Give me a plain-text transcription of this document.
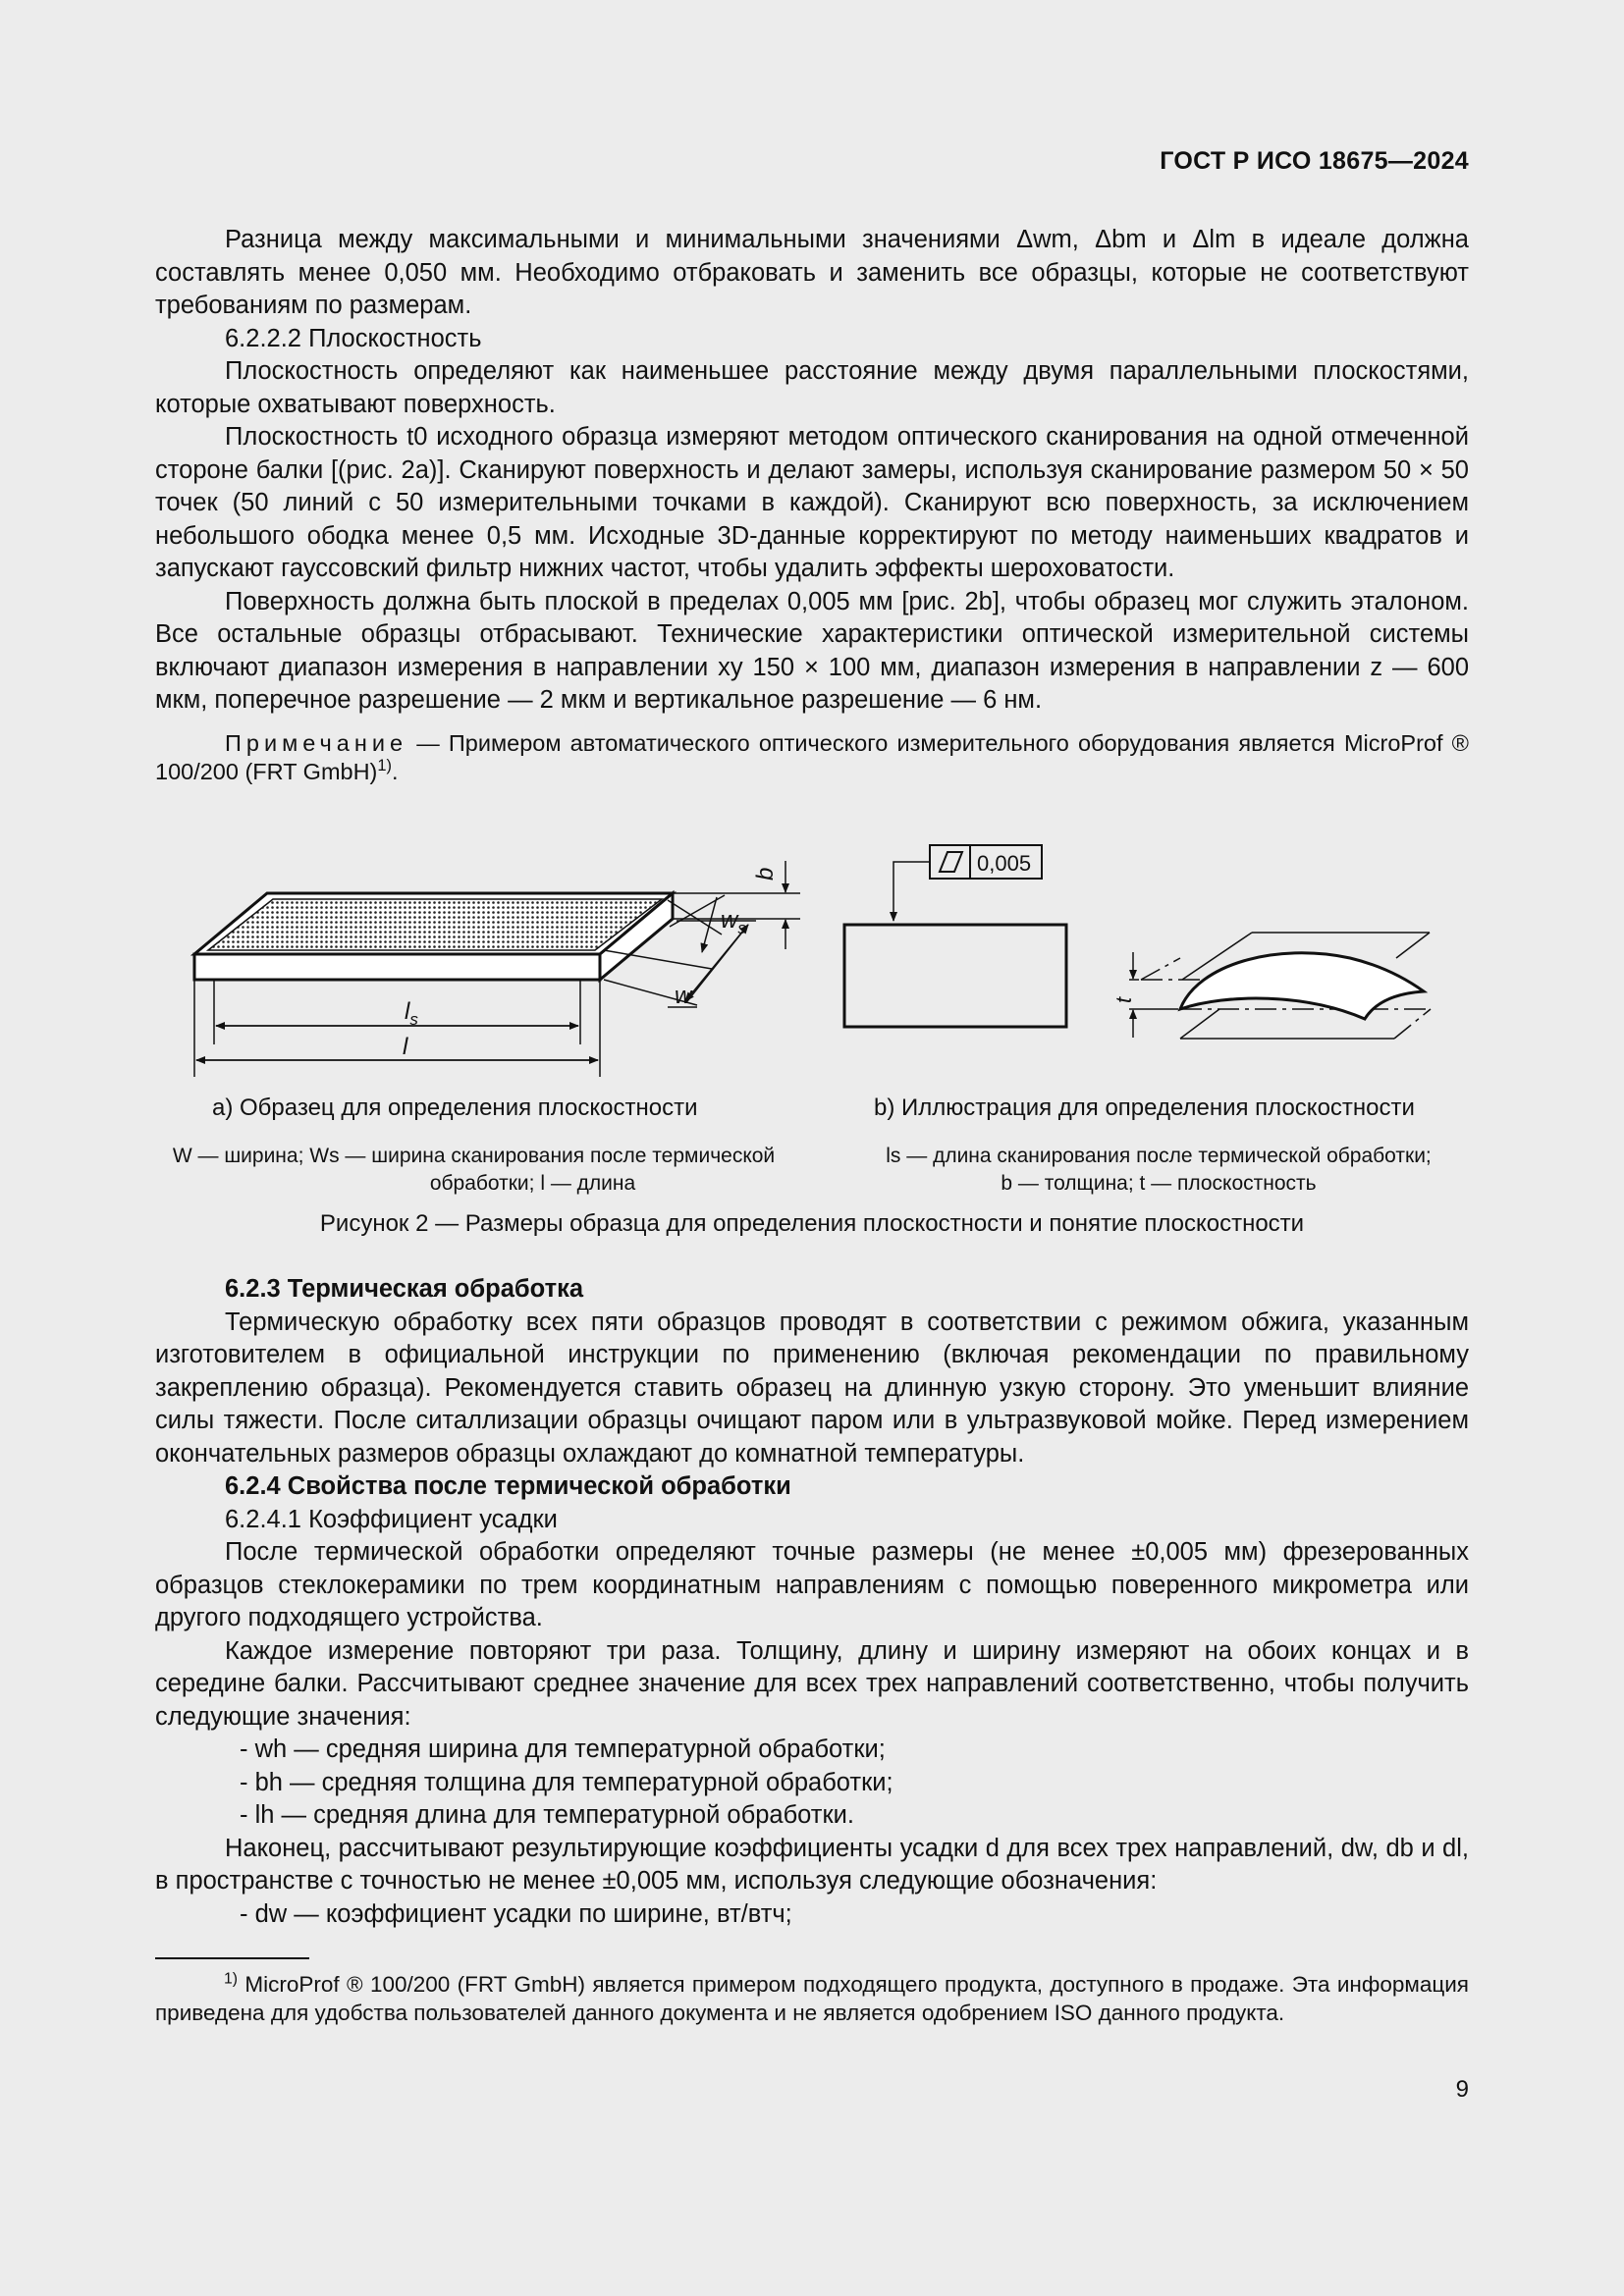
ГОСТ Р ИСО 18675—2024

Разница между максимальными и минимальными значениями Δwm, Δbm и Δlm в идеале должна составлять менее 0,050 мм. Необходимо отбраковать и заменить все образцы, которые не соответствуют требованиям по размерам.

6.2.2.2 Плоскостность

Плоскостность определяют как наименьшее расстояние между двумя параллельными плоскостями, которые охватывают поверхность.

Плоскостность t0 исходного образца измеряют методом оптического сканирования на одной отмеченной стороне балки [(рис. 2a)]. Сканируют поверхность и делают замеры, используя сканирование размером 50 × 50 точек (50 линий с 50 измерительными точками в каждой). Сканируют всю поверхность, за исключением небольшого ободка менее 0,5 мм. Исходные 3D-данные корректируют по методу наименьших квадратов и запускают гауссовский фильтр нижних частот, чтобы удалить эффекты шероховатости.

Поверхность должна быть плоской в пределах 0,005 мм [рис. 2b], чтобы образец мог служить эталоном. Все остальные образцы отбрасывают. Технические характеристики оптической измерительной системы включают диапазон измерения в направлении xy 150 × 100 мм, диапазон измерения в направлении z — 600 мкм, поперечное разрешение — 2 мкм и вертикальное разрешение — 6 нм.

Примечание — Примером автоматического оптического измерительного оборудования является MicroProf ® 100/200 (FRT GmbH)$^{1)}$.

b
$w_s$
w
$l_s$
l
0,005
t
a) Образец для определения плоскостности	b) Иллюстрация для определения плоскостности
W — ширина; Ws — ширина сканирования после термической
обработки; l — длина
ls — длина сканирования после термической обработки;
b — толщина; t — плоскостность
Рисунок 2 — Размеры образца для определения плоскостности и понятие плоскостности

6.2.3 Термическая обработка

Термическую обработку всех пяти образцов проводят в соответствии с режимом обжига, указанным изготовителем в официальной инструкции по применению (включая рекомендации по правильному закреплению образца). Рекомендуется ставить образец на длинную узкую сторону. Это уменьшит влияние силы тяжести. После ситаллизации образцы очищают паром или в ультразвуковой мойке. Перед измерением окончательных размеров образцы охлаждают до комнатной температуры.

6.2.4 Свойства после термической обработки

6.2.4.1 Коэффициент усадки

После термической обработки определяют точные размеры (не менее ±0,005 мм) фрезерованных образцов стеклокерамики по трем координатным направлениям с помощью поверенного микрометра или другого подходящего устройства.

Каждое измерение повторяют три раза. Толщину, длину и ширину измеряют на обоих концах и в середине балки. Рассчитывают среднее значение для всех трех направлений соответственно, чтобы получить следующие значения:

- wh — средняя ширина для температурной обработки;

- bh — средняя толщина для температурной обработки;

- lh — средняя длина для температурной обработки.

Наконец, рассчитывают результирующие коэффициенты усадки d для всех трех направлений, dw, db и dl, в пространстве с точностью не менее ±0,005 мм, используя следующие обозначения:

- dw — коэффициент усадки по ширине, вт/втч;

$^{1)}$ MicroProf ® 100/200 (FRT GmbH) является примером подходящего продукта, доступного в продаже. Эта информация приведена для удобства пользователей данного документа и не является одобрением ISO данного продукта.
9
